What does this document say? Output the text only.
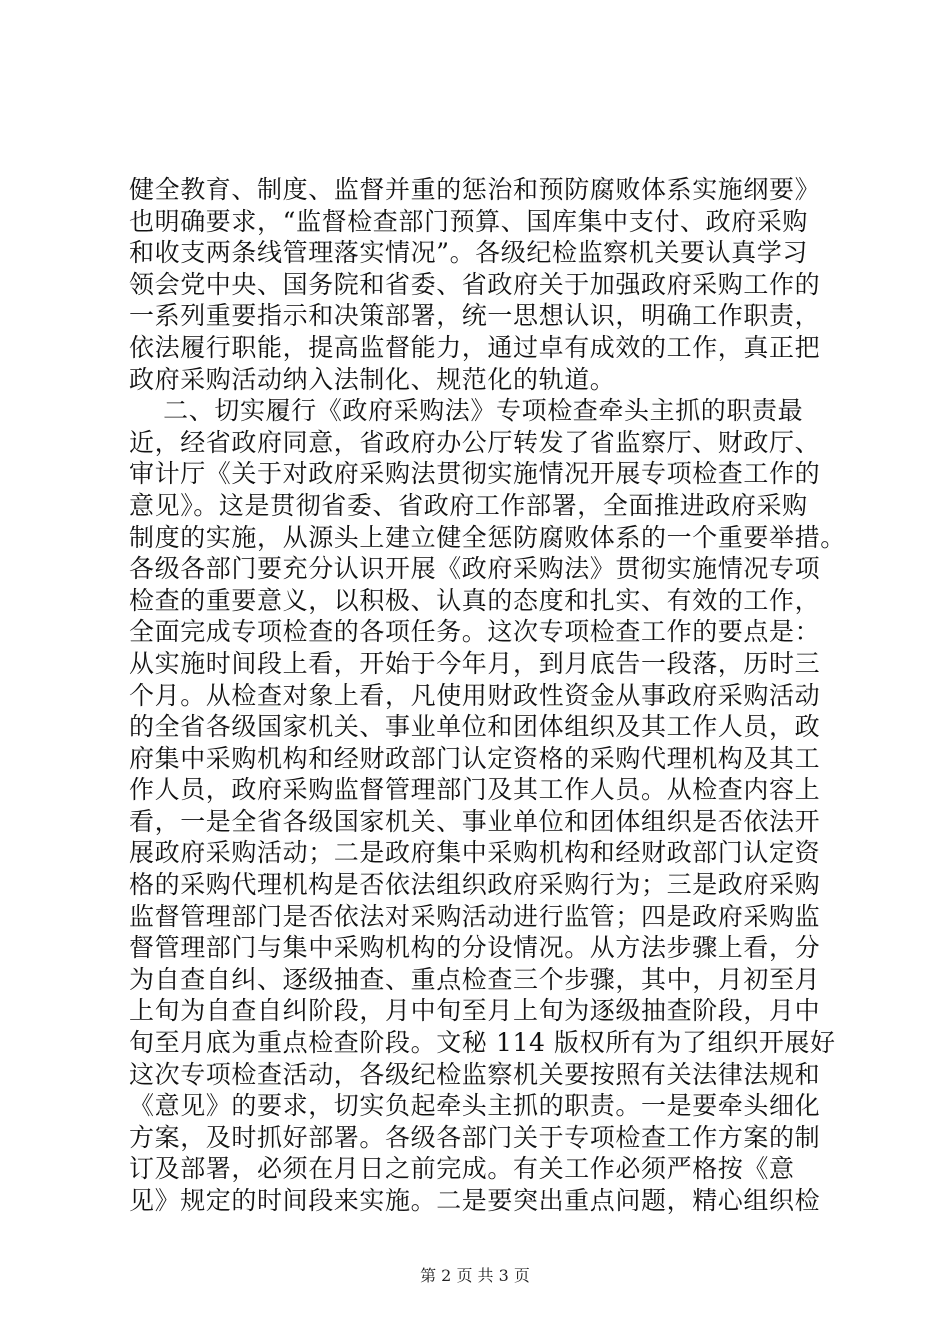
健全教育、制度、监督并重的惩治和预防腐败体系实施纲要》
也明确要求，“监督检查部门预算、国库集中支付、政府采购
和收支两条线管理落实情况”。各级纪检监察机关要认真学习
领会党中央、国务院和省委、省政府关于加强政府采购工作的
一系列重要指示和决策部署，统一思想认识，明确工作职责，
依法履行职能，提高监督能力，通过卓有成效的工作，真正把
政府采购活动纳入法制化、规范化的轨道。
二、切实履行《政府采购法》专项检查牵头主抓的职责最
近，经省政府同意，省政府办公厅转发了省监察厅、财政厅、
审计厅《关于对政府采购法贯彻实施情况开展专项检查工作的
意见》。这是贯彻省委、省政府工作部署，全面推进政府采购
制度的实施，从源头上建立健全惩防腐败体系的一个重要举措。
各级各部门要充分认识开展《政府采购法》贯彻实施情况专项
检查的重要意义，以积极、认真的态度和扎实、有效的工作，
全面完成专项检查的各项任务。这次专项检查工作的要点是：
从实施时间段上看，开始于今年月，到月底告一段落，历时三
个月。从检查对象上看，凡使用财政性资金从事政府采购活动
的全省各级国家机关、事业单位和团体组织及其工作人员，政
府集中采购机构和经财政部门认定资格的采购代理机构及其工
作人员，政府采购监督管理部门及其工作人员。从检查内容上
看，一是全省各级国家机关、事业单位和团体组织是否依法开
展政府采购活动；二是政府集中采购机构和经财政部门认定资
格的采购代理机构是否依法组织政府采购行为；三是政府采购
监督管理部门是否依法对采购活动进行监管；四是政府采购监
督管理部门与集中采购机构的分设情况。从方法步骤上看，分
为自查自纠、逐级抽查、重点检查三个步骤，其中，月初至月
上旬为自查自纠阶段，月中旬至月上旬为逐级抽查阶段，月中
旬至月底为重点检查阶段。文秘 114 版权所有为了组织开展好
这次专项检查活动，各级纪检监察机关要按照有关法律法规和
《意见》的要求，切实负起牵头主抓的职责。一是要牵头细化
方案，及时抓好部署。各级各部门关于专项检查工作方案的制
订及部署，必须在月日之前完成。有关工作必须严格按《意
见》规定的时间段来实施。二是要突出重点问题，精心组织检
第 2 页 共 3 页
